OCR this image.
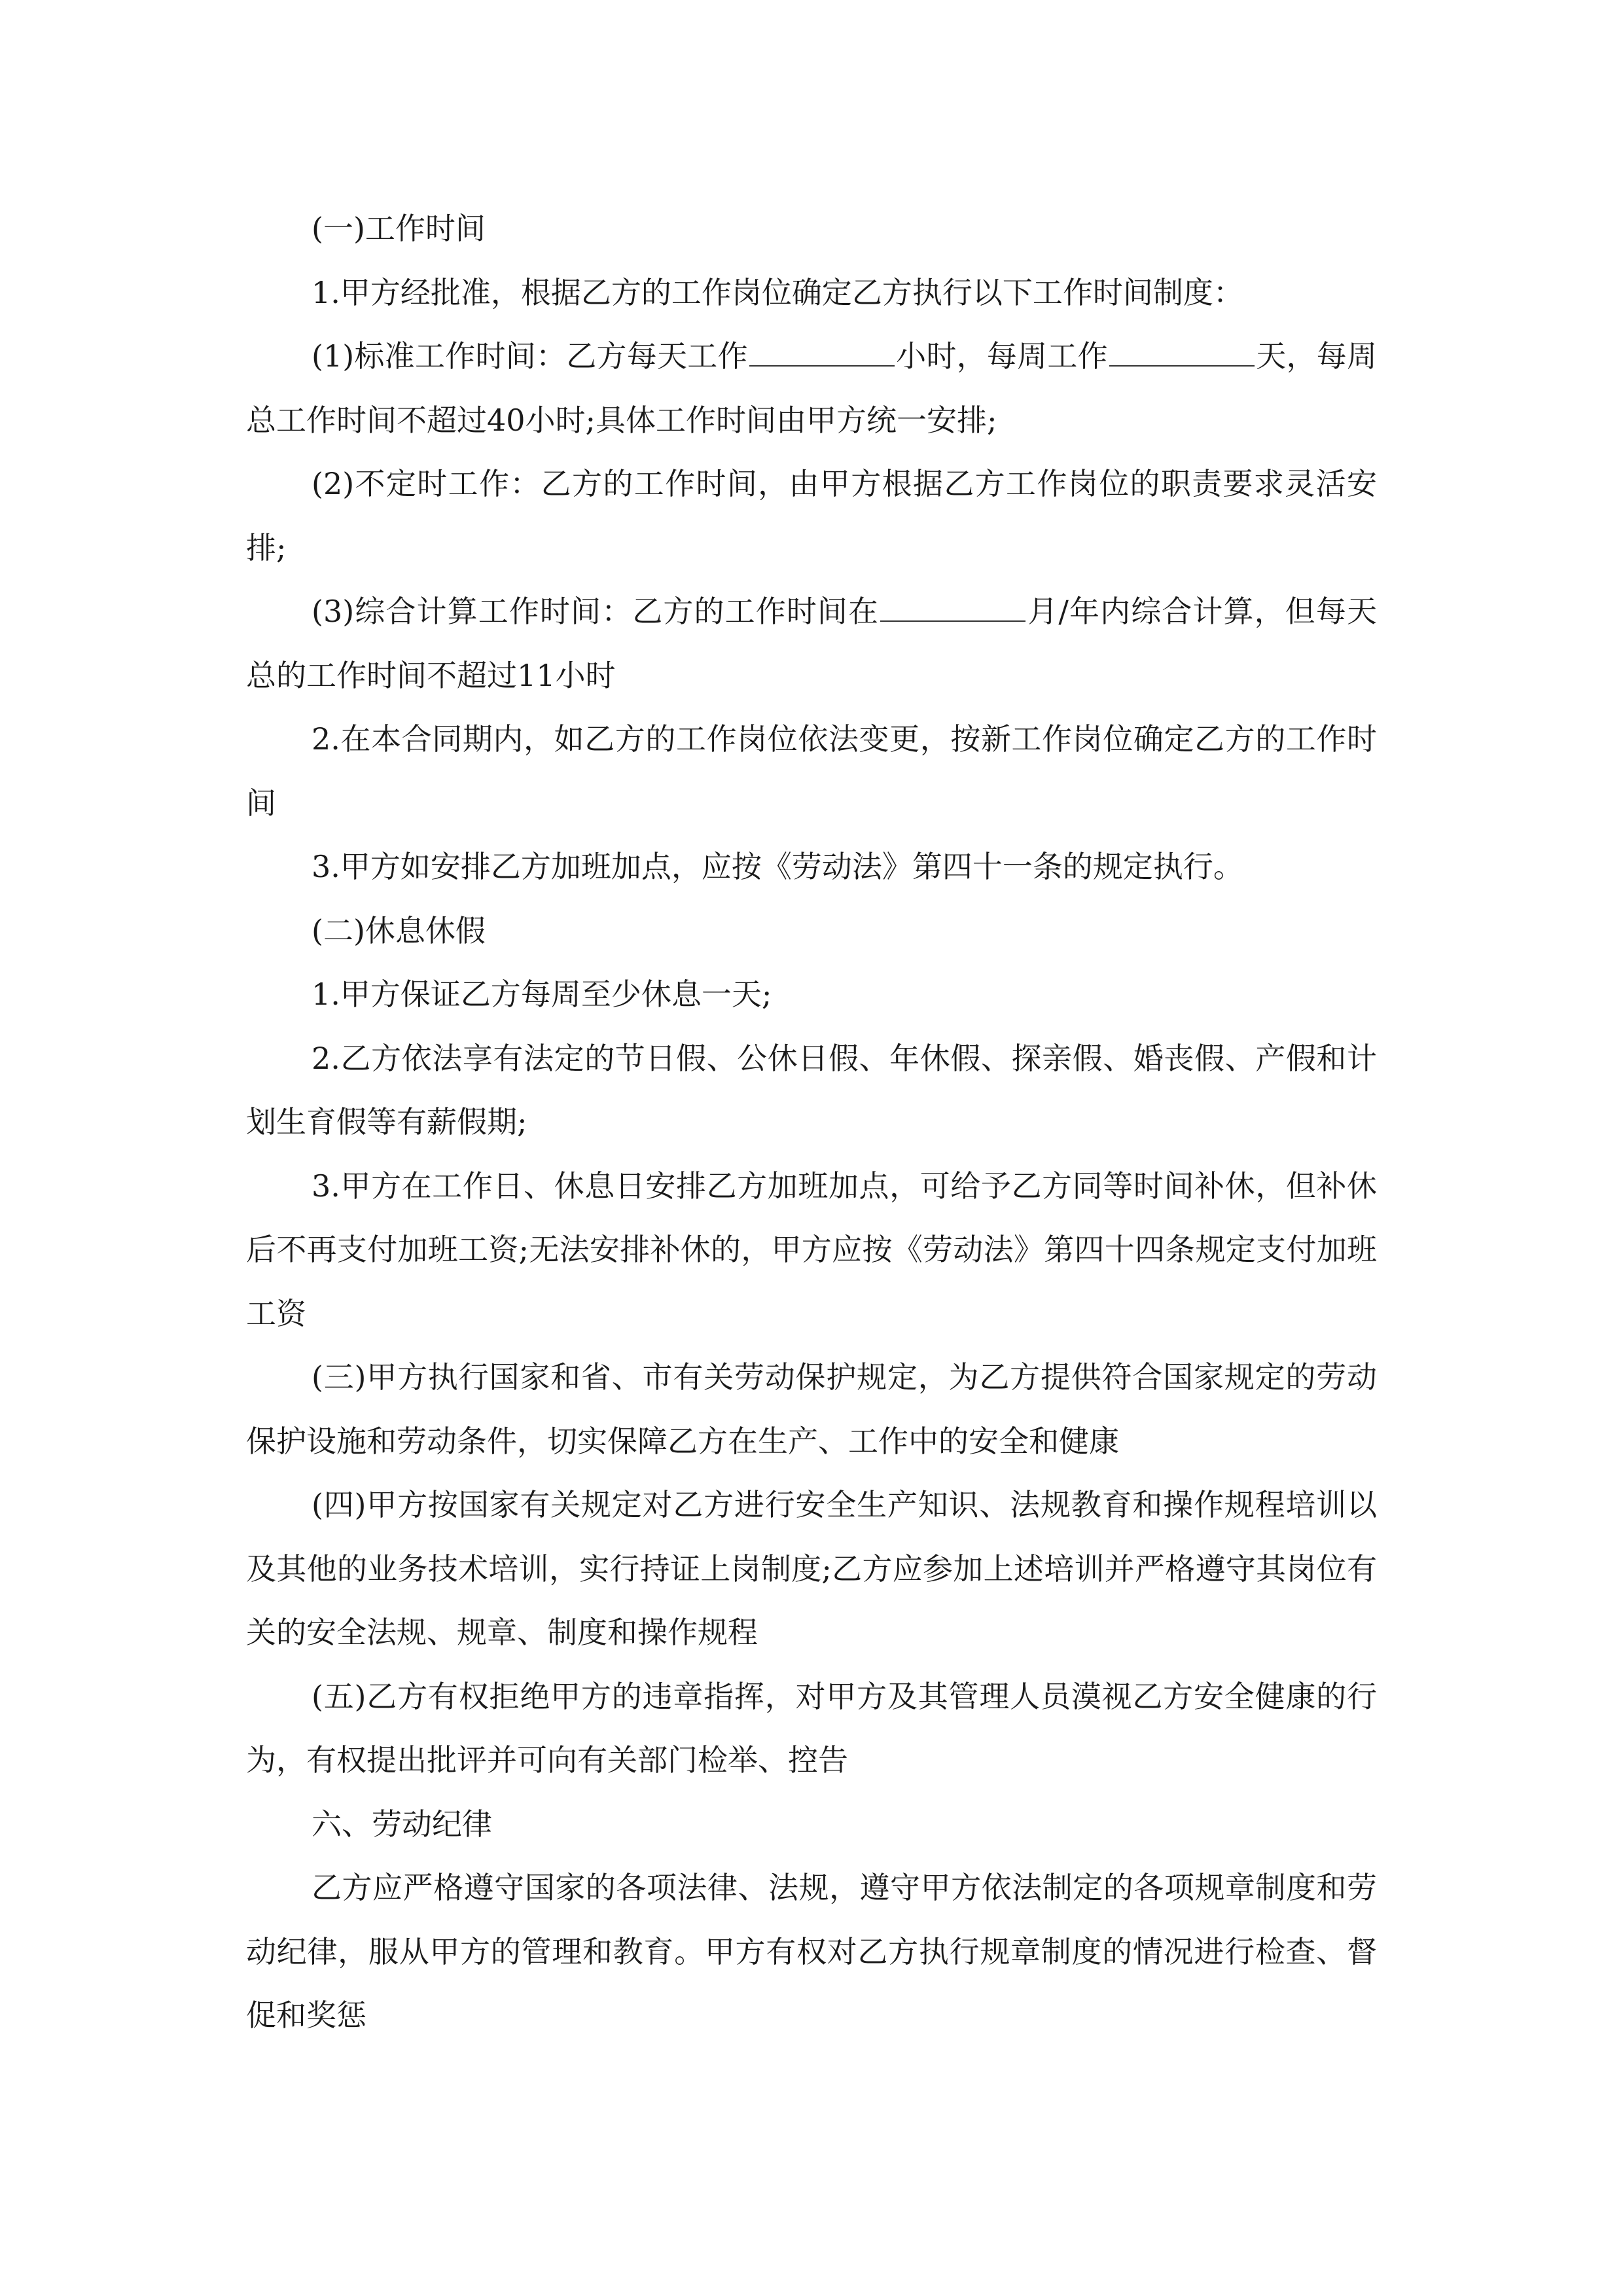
(一)工作时间

1.甲方经批准，根据乙方的工作岗位确定乙方执行以下工作时间制度：

(1)标准工作时间：乙方每天工作	小时，每周工作	天，每周总工作时间不超过40小时;具体工作时间由甲方统一安排;

(2)不定时工作：乙方的工作时间，由甲方根据乙方工作岗位的职责要求灵活安排;

(3)综合计算工作时间：乙方的工作时间在	月/年内综合计算，但每天总的工作时间不超过11小时

2.在本合同期内，如乙方的工作岗位依法变更，按新工作岗位确定乙方的工作时间

3.甲方如安排乙方加班加点，应按《劳动法》第四十一条的规定执行。

(二)休息休假

1.甲方保证乙方每周至少休息一天;

2.乙方依法享有法定的节日假、公休日假、年休假、探亲假、婚丧假、产假和计划生育假等有薪假期;

3.甲方在工作日、休息日安排乙方加班加点，可给予乙方同等时间补休，但补休后不再支付加班工资;无法安排补休的，甲方应按《劳动法》第四十四条规定支付加班工资

(三)甲方执行国家和省、市有关劳动保护规定，为乙方提供符合国家规定的劳动保护设施和劳动条件，切实保障乙方在生产、工作中的安全和健康

(四)甲方按国家有关规定对乙方进行安全生产知识、法规教育和操作规程培训以及其他的业务技术培训，实行持证上岗制度;乙方应参加上述培训并严格遵守其岗位有关的安全法规、规章、制度和操作规程

(五)乙方有权拒绝甲方的违章指挥，对甲方及其管理人员漠视乙方安全健康的行为，有权提出批评并可向有关部门检举、控告

六、劳动纪律

乙方应严格遵守国家的各项法律、法规，遵守甲方依法制定的各项规章制度和劳动纪律，服从甲方的管理和教育。甲方有权对乙方执行规章制度的情况进行检查、督促和奖惩
